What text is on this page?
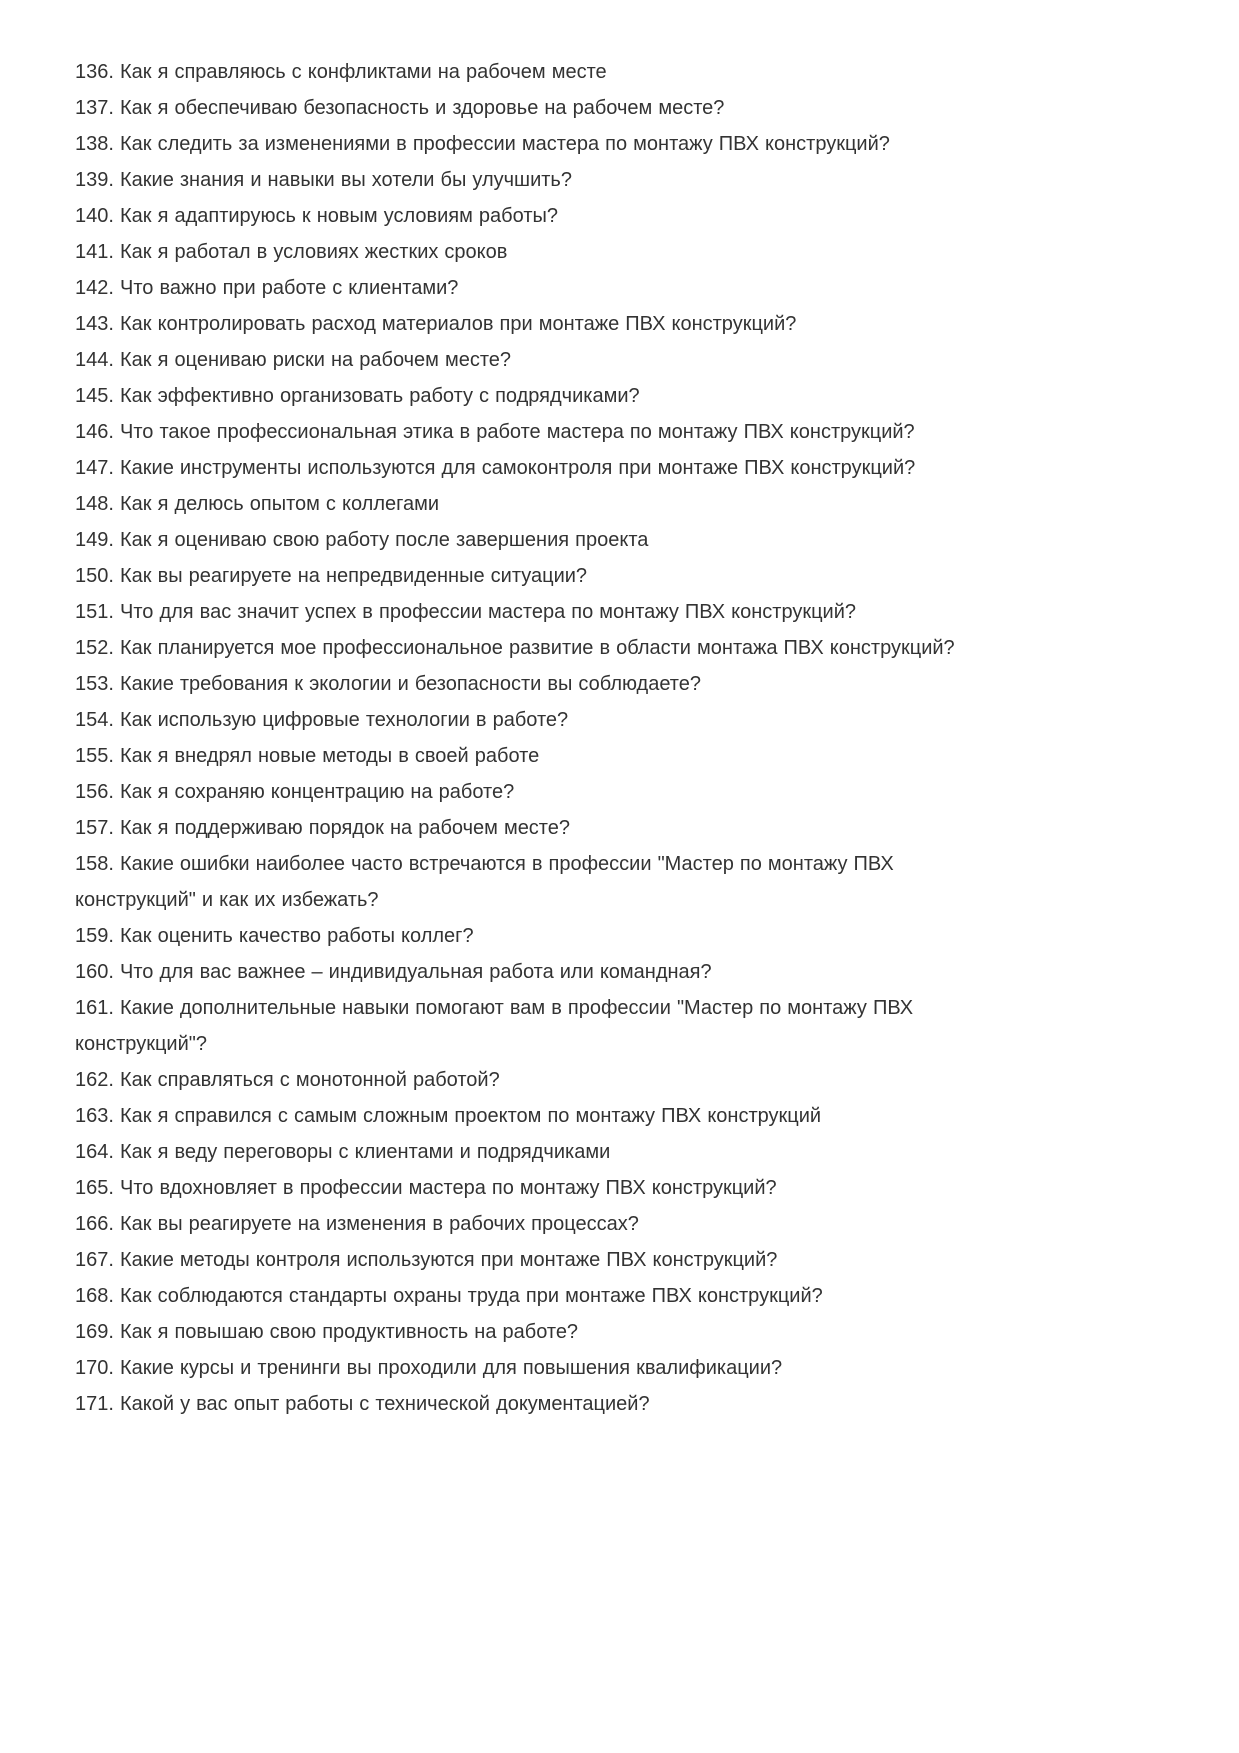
136. Как я справляюсь с конфликтами на рабочем месте

137. Как я обеспечиваю безопасность и здоровье на рабочем месте?

138. Как следить за изменениями в профессии мастера по монтажу ПВХ конструкций?

139. Какие знания и навыки вы хотели бы улучшить?

140. Как я адаптируюсь к новым условиям работы?

141. Как я работал в условиях жестких сроков

142. Что важно при работе с клиентами?

143. Как контролировать расход материалов при монтаже ПВХ конструкций?

144. Как я оцениваю риски на рабочем месте?

145. Как эффективно организовать работу с подрядчиками?

146. Что такое профессиональная этика в работе мастера по монтажу ПВХ конструкций?

147. Какие инструменты используются для самоконтроля при монтаже ПВХ конструкций?

148. Как я делюсь опытом с коллегами

149. Как я оцениваю свою работу после завершения проекта

150. Как вы реагируете на непредвиденные ситуации?

151. Что для вас значит успех в профессии мастера по монтажу ПВХ конструкций?

152. Как планируется мое профессиональное развитие в области монтажа ПВХ конструкций?

153. Какие требования к экологии и безопасности вы соблюдаете?

154. Как использую цифровые технологии в работе?

155. Как я внедрял новые методы в своей работе

156. Как я сохраняю концентрацию на работе?

157. Как я поддерживаю порядок на рабочем месте?

158. Какие ошибки наиболее часто встречаются в профессии "Мастер по монтажу ПВХ конструкций" и как их избежать?

159. Как оценить качество работы коллег?

160. Что для вас важнее – индивидуальная работа или командная?

161. Какие дополнительные навыки помогают вам в профессии "Мастер по монтажу ПВХ конструкций"?

162. Как справляться с монотонной работой?

163. Как я справился с самым сложным проектом по монтажу ПВХ конструкций

164. Как я веду переговоры с клиентами и подрядчиками

165. Что вдохновляет в профессии мастера по монтажу ПВХ конструкций?

166. Как вы реагируете на изменения в рабочих процессах?

167. Какие методы контроля используются при монтаже ПВХ конструкций?

168. Как соблюдаются стандарты охраны труда при монтаже ПВХ конструкций?

169. Как я повышаю свою продуктивность на работе?

170. Какие курсы и тренинги вы проходили для повышения квалификации?

171. Какой у вас опыт работы с технической документацией?
